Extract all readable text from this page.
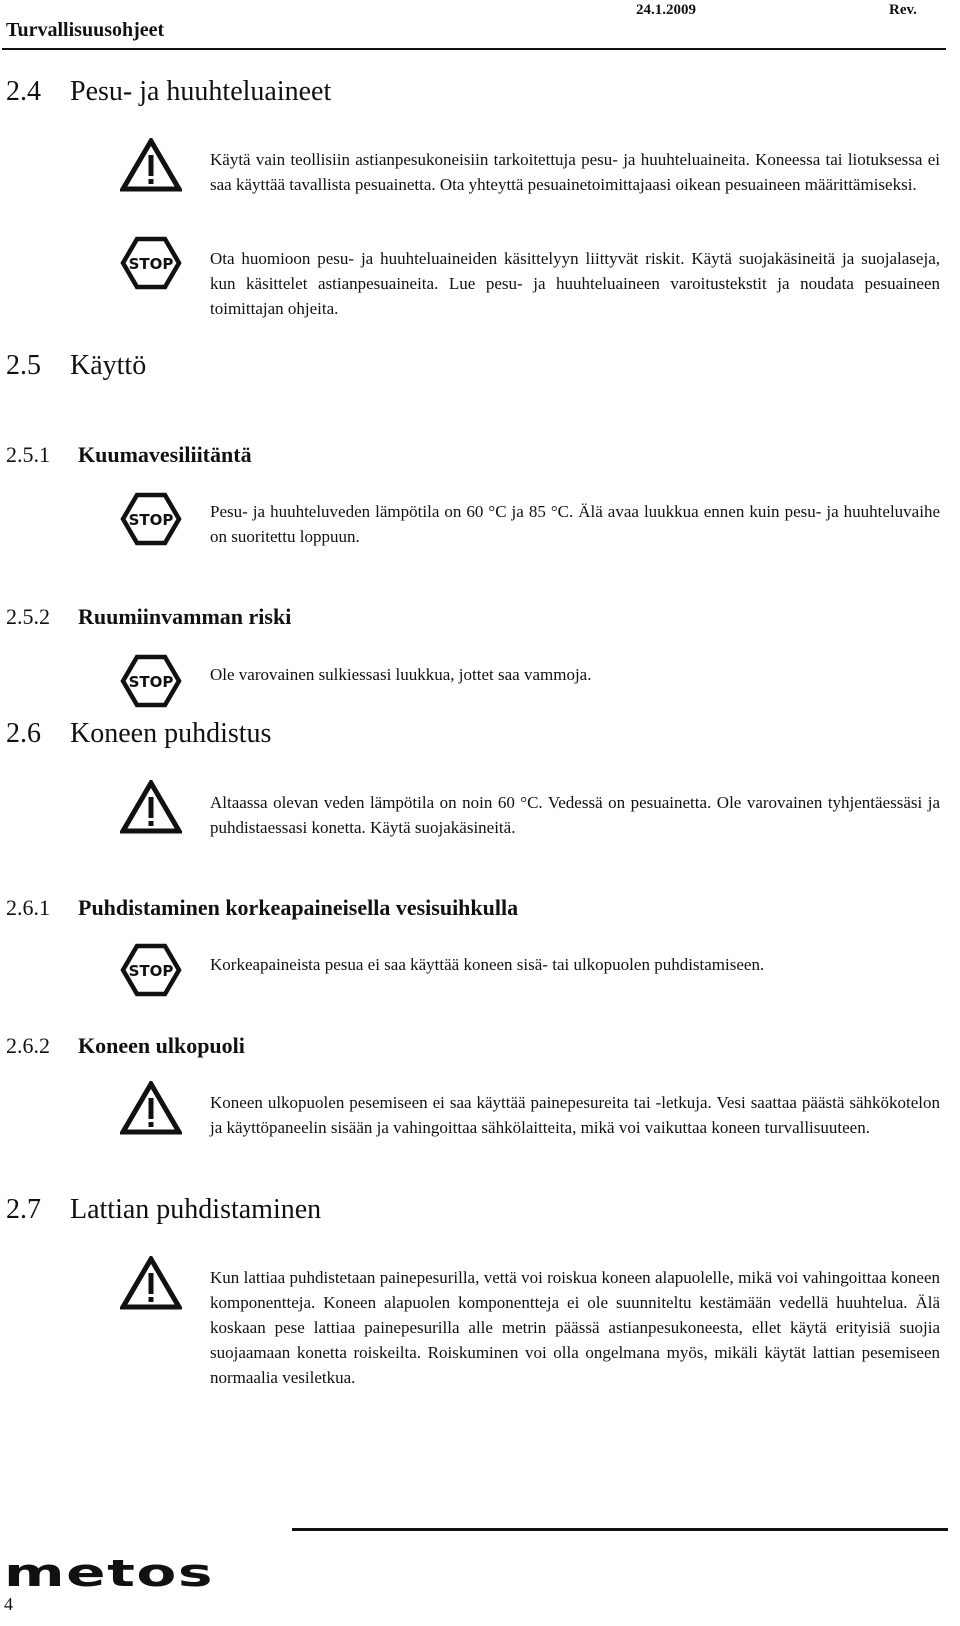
Turvallisuusohjeet
24.1.2009	Rev.
2.4 Pesu- ja huuhteluaineet

Käytä vain teollisiin astianpesukoneisiin tarkoitettuja pesu- ja huuhteluaineita. Koneessa tai liotuksessa ei saa käyttää tavallista pesuainetta. Ota yhteyttä pesuainetoimittajaasi oikean pesuaineen määrittämiseksi.

STOP Ota huomioon pesu- ja huuhteluaineiden käsittelyyn liittyvät riskit. Käytä suojakäsineitä ja suojalaseja, kun käsittelet astianpesuaineita. Lue pesu- ja huuhteluaineen varoitustekstit ja noudata pesuaineen toimittajan ohjeita.

2.5 Käyttö
2.5.1 Kuumavesiliitäntä
STOP Pesu- ja huuhteluveden lämpötila on 60 °C ja 85 °C. Älä avaa luukkua ennen kuin pesu- ja huuhteluvaihe on suoritettu loppuun.

2.5.2 Ruumiinvamman riski
STOP Ole varovainen sulkiessasi luukkua, jottet saa vammoja.

2.6 Koneen puhdistus

Altaassa olevan veden lämpötila on noin 60 °C. Vedessä on pesuainetta. Ole varovainen tyhjentäessäsi ja puhdistaessasi konetta. Käytä suojakäsineitä.

2.6.1 Puhdistaminen korkeapaineisella vesisuihkulla
STOP Korkeapaineista pesua ei saa käyttää koneen sisä- tai ulkopuolen puhdistamiseen.

2.6.2 Koneen ulkopuoli

Koneen ulkopuolen pesemiseen ei saa käyttää painepesureita tai -letkuja. Vesi saattaa päästä sähkökotelon ja käyttöpaneelin sisään ja vahingoittaa sähkölaitteita, mikä voi vaikuttaa koneen turvallisuuteen.

2.7 Lattian puhdistaminen

Kun lattiaa puhdistetaan painepesurilla, vettä voi roiskua koneen alapuolelle, mikä voi vahingoittaa koneen komponentteja. Koneen alapuolen komponentteja ei ole suunniteltu kestämään vedellä huuhtelua. Älä koskaan pese lattiaa painepesurilla alle metrin päässä astianpesukoneesta, ellet käytä erityisiä suojia suojaamaan konetta roiskeilta. Roiskuminen voi olla ongelmana myös, mikäli käytät lattian pesemiseen normaalia vesiletkua.

metos
4
